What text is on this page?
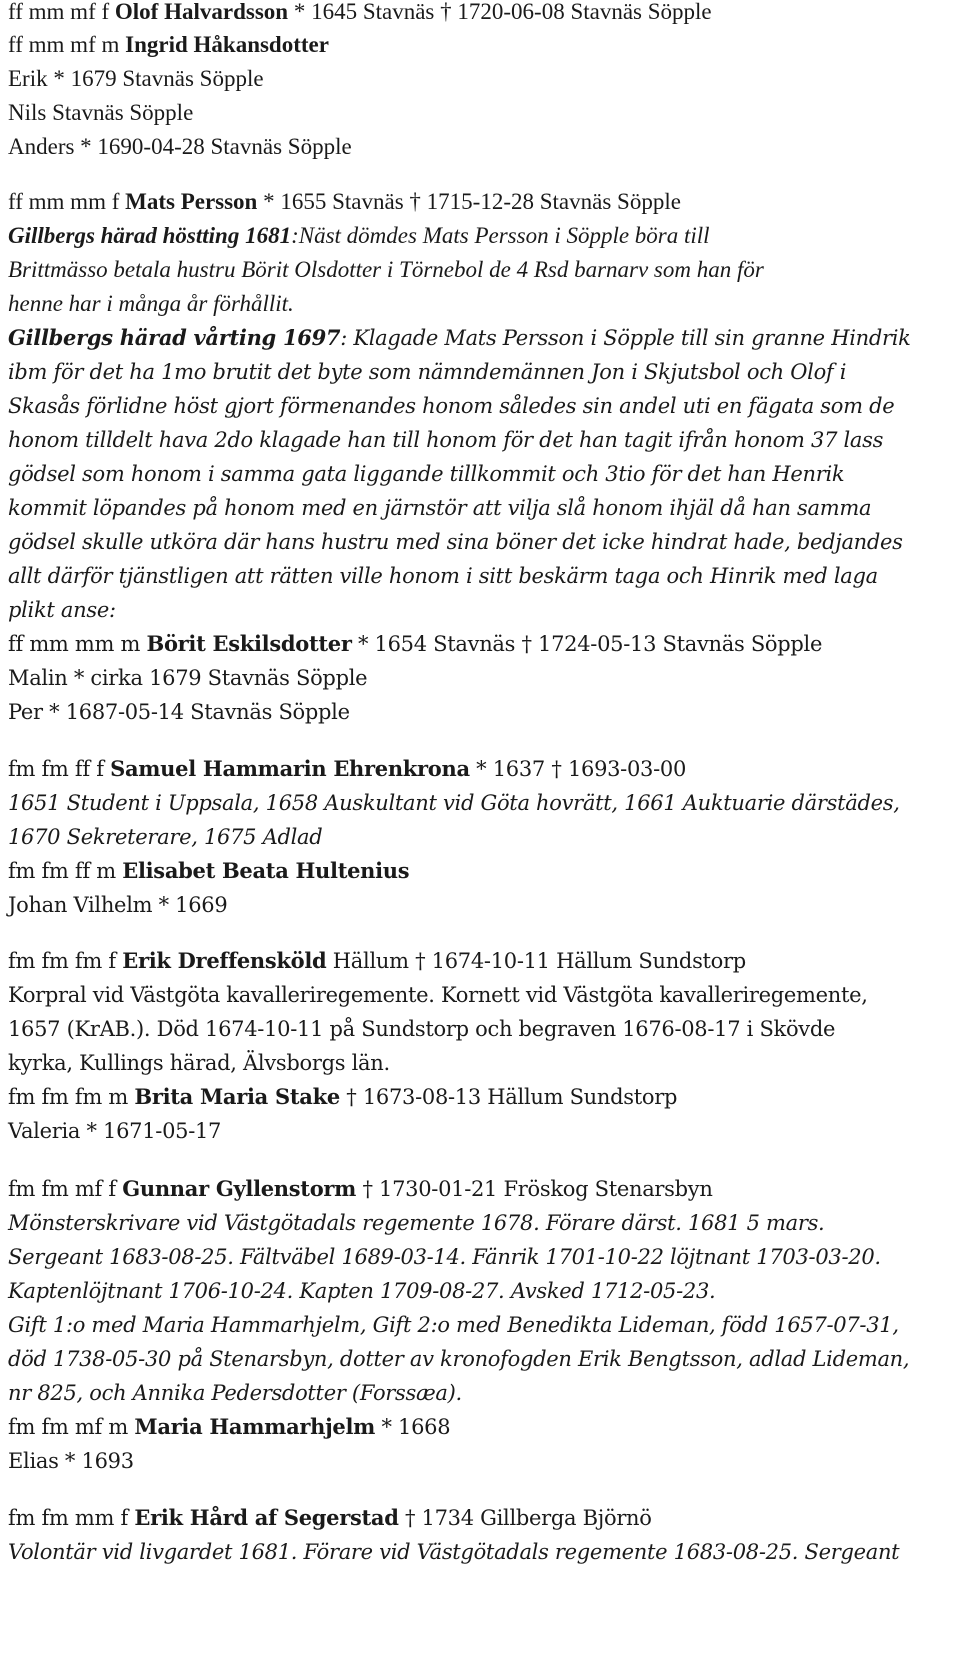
ff mm mf f Olof Halvardsson * 1645 Stavnäs † 1720-06-08 Stavnäs Söpple
ff mm mf m Ingrid Håkansdotter
Erik * 1679 Stavnäs Söpple
Nils Stavnäs Söpple
Anders * 1690-04-28 Stavnäs Söpple
ff mm mm f Mats Persson * 1655 Stavnäs † 1715-12-28 Stavnäs Söpple
Gillbergs härad höstting 1681:Näst dömdes Mats Persson i Söpple böra till
Brittmässo betala hustru Börit Olsdotter i Törnebol de 4 Rsd barnarv som han för
henne har i många år förhållit.
Gillbergs härad vårting 1697: Klagade Mats Persson i Söpple till sin granne Hindrik
ibm för det ha 1mo brutit det byte som nämndemännen Jon i Skjutsbol och Olof i
Skasås förlidne höst gjort förmenandes honom således sin andel uti en fägata som de
honom tilldelt hava 2do klagade han till honom för det han tagit ifrån honom 37 lass
gödsel som honom i samma gata liggande tillkommit och 3tio för det han Henrik
kommit löpandes på honom med en järnstör att vilja slå honom ihjäl då han samma
gödsel skulle utköra där hans hustru med sina böner det icke hindrat hade, bedjandes
allt därför tjänstligen att rätten ville honom i sitt beskärm taga och Hinrik med laga
plikt anse:
ff mm mm m Börit Eskilsdotter * 1654 Stavnäs † 1724-05-13 Stavnäs Söpple
Malin * cirka 1679 Stavnäs Söpple
Per * 1687-05-14 Stavnäs Söpple
fm fm ff f Samuel Hammarin Ehrenkrona * 1637 † 1693-03-00
1651 Student i Uppsala, 1658 Auskultant vid Göta hovrätt, 1661 Auktuarie därstädes,
1670 Sekreterare, 1675 Adlad
fm fm ff m Elisabet Beata Hultenius
Johan Vilhelm * 1669
fm fm fm f Erik Dreffensköld Hällum † 1674-10-11 Hällum Sundstorp
Korpral vid Västgöta kavalleriregemente. Kornett vid Västgöta kavalleriregemente,
1657 (KrAB.). Död 1674-10-11 på Sundstorp och begraven 1676-08-17 i Skövde
kyrka, Kullings härad, Älvsborgs län.
fm fm fm m Brita Maria Stake † 1673-08-13 Hällum Sundstorp
Valeria * 1671-05-17
fm fm mf f Gunnar Gyllenstorm † 1730-01-21 Fröskog Stenarsbyn
Mönsterskrivare vid Västgötadals regemente 1678. Förare därst. 1681 5 mars.
Sergeant 1683-08-25. Fältväbel 1689-03-14. Fänrik 1701-10-22 löjtnant 1703-03-20.
Kaptenlöjtnant 1706-10-24. Kapten 1709-08-27. Avsked 1712-05-23.
Gift 1:o med Maria Hammarhjelm, Gift 2:o med Benedikta Lideman, född 1657-07-31,
död 1738-05-30 på Stenarsbyn, dotter av kronofogden Erik Bengtsson, adlad Lideman,
nr 825, och Annika Pedersdotter (Forssæa).
fm fm mf m Maria Hammarhjelm * 1668
Elias * 1693
fm fm mm f Erik Hård af Segerstad † 1734 Gillberga Björnö
Volontär vid livgardet 1681. Förare vid Västgötadals regemente 1683-08-25. Sergeant
